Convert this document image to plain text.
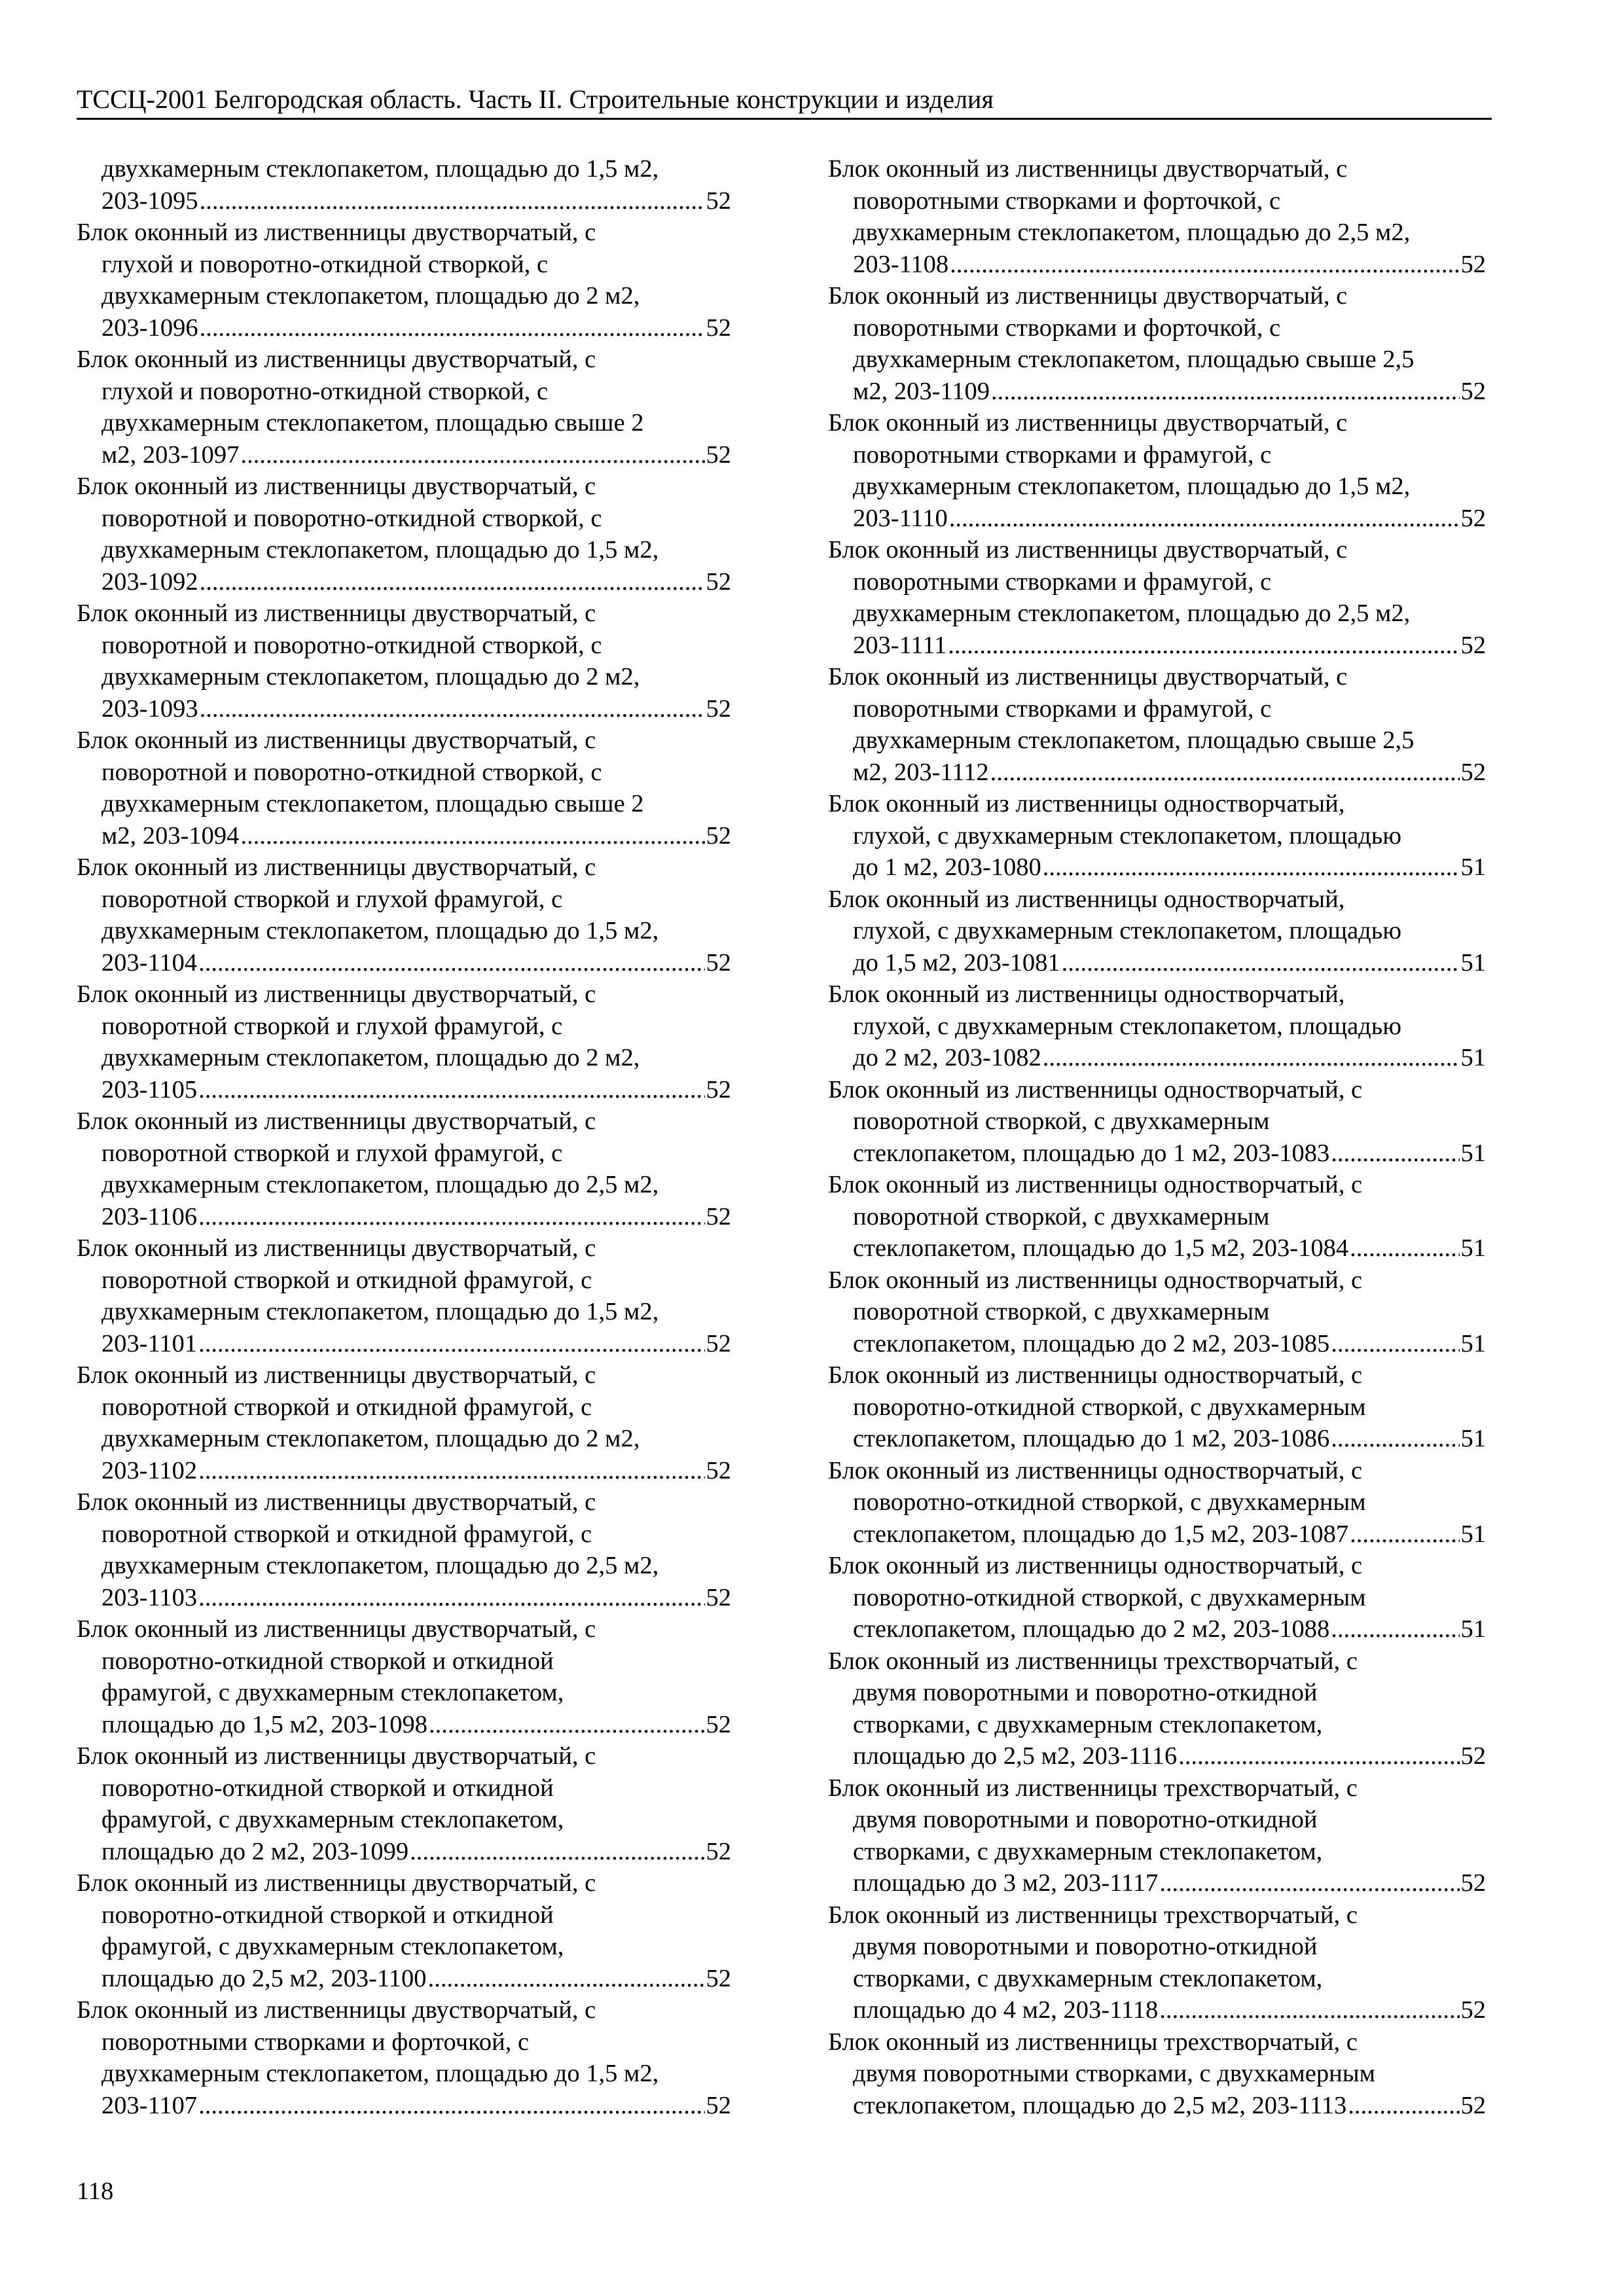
ТССЦ-2001 Белгородская область. Часть II. Строительные конструкции и изделия
двухкамерным стеклопакетом, площадью до 1,5 м2,
203-1095 .....	52
Блок оконный из лиственницы двустворчатый, с
глухой и поворотно-откидной створкой, с
двухкамерным стеклопакетом, площадью до 2 м2,
203-1096 .....	52
Блок оконный из лиственницы двустворчатый, с
глухой и поворотно-откидной створкой, с
двухкамерным стеклопакетом, площадью свыше 2
м2, 203-1097 .....	52
Блок оконный из лиственницы двустворчатый, с
поворотной и поворотно-откидной створкой, с
двухкамерным стеклопакетом, площадью до 1,5 м2,
203-1092 .....	52
Блок оконный из лиственницы двустворчатый, с
поворотной и поворотно-откидной створкой, с
двухкамерным стеклопакетом, площадью до 2 м2,
203-1093 .....	52
Блок оконный из лиственницы двустворчатый, с
поворотной и поворотно-откидной створкой, с
двухкамерным стеклопакетом, площадью свыше 2
м2, 203-1094 .....	52
Блок оконный из лиственницы двустворчатый, с
поворотной створкой и глухой фрамугой, с
двухкамерным стеклопакетом, площадью до 1,5 м2,
203-1104 .....	52
Блок оконный из лиственницы двустворчатый, с
поворотной створкой и глухой фрамугой, с
двухкамерным стеклопакетом, площадью до 2 м2,
203-1105 .....	52
Блок оконный из лиственницы двустворчатый, с
поворотной створкой и глухой фрамугой, с
двухкамерным стеклопакетом, площадью до 2,5 м2,
203-1106 .....	52
Блок оконный из лиственницы двустворчатый, с
поворотной створкой и откидной фрамугой, с
двухкамерным стеклопакетом, площадью до 1,5 м2,
203-1101 .....	52
Блок оконный из лиственницы двустворчатый, с
поворотной створкой и откидной фрамугой, с
двухкамерным стеклопакетом, площадью до 2 м2,
203-1102 .....	52
Блок оконный из лиственницы двустворчатый, с
поворотной створкой и откидной фрамугой, с
двухкамерным стеклопакетом, площадью до 2,5 м2,
203-1103 .....	52
Блок оконный из лиственницы двустворчатый, с
поворотно-откидной створкой и откидной
фрамугой, с двухкамерным стеклопакетом,
площадью до 1,5 м2, 203-1098 .....	52
Блок оконный из лиственницы двустворчатый, с
поворотно-откидной створкой и откидной
фрамугой, с двухкамерным стеклопакетом,
площадью до 2 м2, 203-1099 .....	52
Блок оконный из лиственницы двустворчатый, с
поворотно-откидной створкой и откидной
фрамугой, с двухкамерным стеклопакетом,
площадью до 2,5 м2, 203-1100 .....	52
Блок оконный из лиственницы двустворчатый, с
поворотными створками и форточкой, с
двухкамерным стеклопакетом, площадью до 1,5 м2,
203-1107 .....	52
Блок оконный из лиственницы двустворчатый, с
поворотными створками и форточкой, с
двухкамерным стеклопакетом, площадью до 2,5 м2,
203-1108 .....	52
Блок оконный из лиственницы двустворчатый, с
поворотными створками и форточкой, с
двухкамерным стеклопакетом, площадью свыше 2,5
м2, 203-1109 .....	52
Блок оконный из лиственницы двустворчатый, с
поворотными створками и фрамугой, с
двухкамерным стеклопакетом, площадью до 1,5 м2,
203-1110 .....	52
Блок оконный из лиственницы двустворчатый, с
поворотными створками и фрамугой, с
двухкамерным стеклопакетом, площадью до 2,5 м2,
203-1111 .....	52
Блок оконный из лиственницы двустворчатый, с
поворотными створками и фрамугой, с
двухкамерным стеклопакетом, площадью свыше 2,5
м2, 203-1112 .....	52
Блок оконный из лиственницы одностворчатый,
глухой, с двухкамерным стеклопакетом, площадью
до 1 м2, 203-1080 .....	51
Блок оконный из лиственницы одностворчатый,
глухой, с двухкамерным стеклопакетом, площадью
до 1,5 м2, 203-1081 .....	51
Блок оконный из лиственницы одностворчатый,
глухой, с двухкамерным стеклопакетом, площадью
до 2 м2, 203-1082 .....	51
Блок оконный из лиственницы одностворчатый, с
поворотной створкой, с двухкамерным
стеклопакетом, площадью до 1 м2, 203-1083 .....	51
Блок оконный из лиственницы одностворчатый, с
поворотной створкой, с двухкамерным
стеклопакетом, площадью до 1,5 м2, 203-1084 .....	51
Блок оконный из лиственницы одностворчатый, с
поворотной створкой, с двухкамерным
стеклопакетом, площадью до 2 м2, 203-1085 .....	51
Блок оконный из лиственницы одностворчатый, с
поворотно-откидной створкой, с двухкамерным
стеклопакетом, площадью до 1 м2, 203-1086 .....	51
Блок оконный из лиственницы одностворчатый, с
поворотно-откидной створкой, с двухкамерным
стеклопакетом, площадью до 1,5 м2, 203-1087 .....	51
Блок оконный из лиственницы одностворчатый, с
поворотно-откидной створкой, с двухкамерным
стеклопакетом, площадью до 2 м2, 203-1088 .....	51
Блок оконный из лиственницы трехстворчатый, с
двумя поворотными и поворотно-откидной
створками, с двухкамерным стеклопакетом,
площадью до 2,5 м2, 203-1116 .....	52
Блок оконный из лиственницы трехстворчатый, с
двумя поворотными и поворотно-откидной
створками, с двухкамерным стеклопакетом,
площадью до 3 м2, 203-1117 .....	52
Блок оконный из лиственницы трехстворчатый, с
двумя поворотными и поворотно-откидной
створками, с двухкамерным стеклопакетом,
площадью до 4 м2, 203-1118 .....	52
Блок оконный из лиственницы трехстворчатый, с
двумя поворотными створками, с двухкамерным
стеклопакетом, площадью до 2,5 м2, 203-1113 .....	52
118
